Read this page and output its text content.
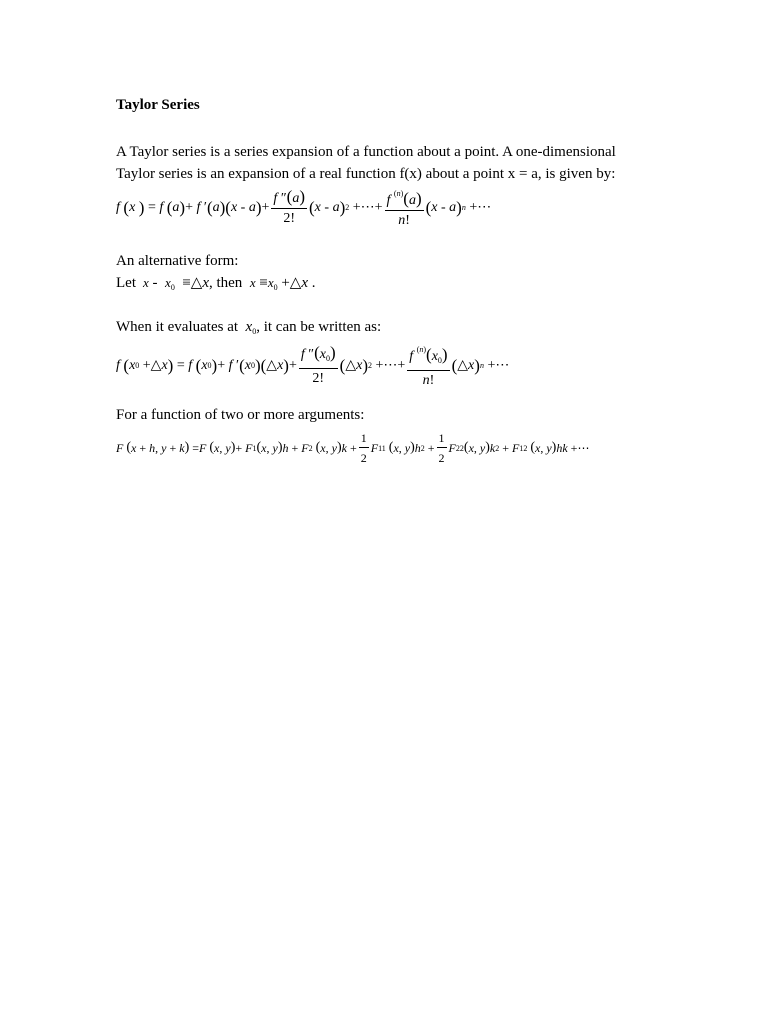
Taylor Series
A Taylor series is a series expansion of a function about a point. A one-dimensional Taylor series is an expansion of a real function f(x) about a point x = a, is given by:
f
( x
) = f
( a ) + f ′ ( a )( x - a ) + $\frac{f ''(a)}{2!}$ ( x - a ) 2 +⋯+ $\frac{f ^{(n)}(a)}{n!}$ ( x - a ) n +⋯
An alternative form:
Let  x -  $x_0$  ≡△x, then $x \equiv x_0$ +△x .
When it evaluates at $x_0$, it can be written as:
f
( x 0 +△ x ) = f
( x 0 ) + f ′ ( x 0 )( △ x ) + $\frac{f ''(x_0)}{2!}$ ( △ x ) 2 +⋯+ $\frac{f ^{(n)}(x_0)}{n!}$ ( △ x ) n +⋯
For a function of two or more arguments:
F
( x + h , y + k ) = F
( x , y ) + F 1 ( x , y ) h + F 2
( x , y ) $k + \frac{1}{2}$ F 11
( x , y ) h $2 + \frac{1}{2}$ F 22 ( x , y ) k 2 + F 12
( x , y ) hk +⋯
